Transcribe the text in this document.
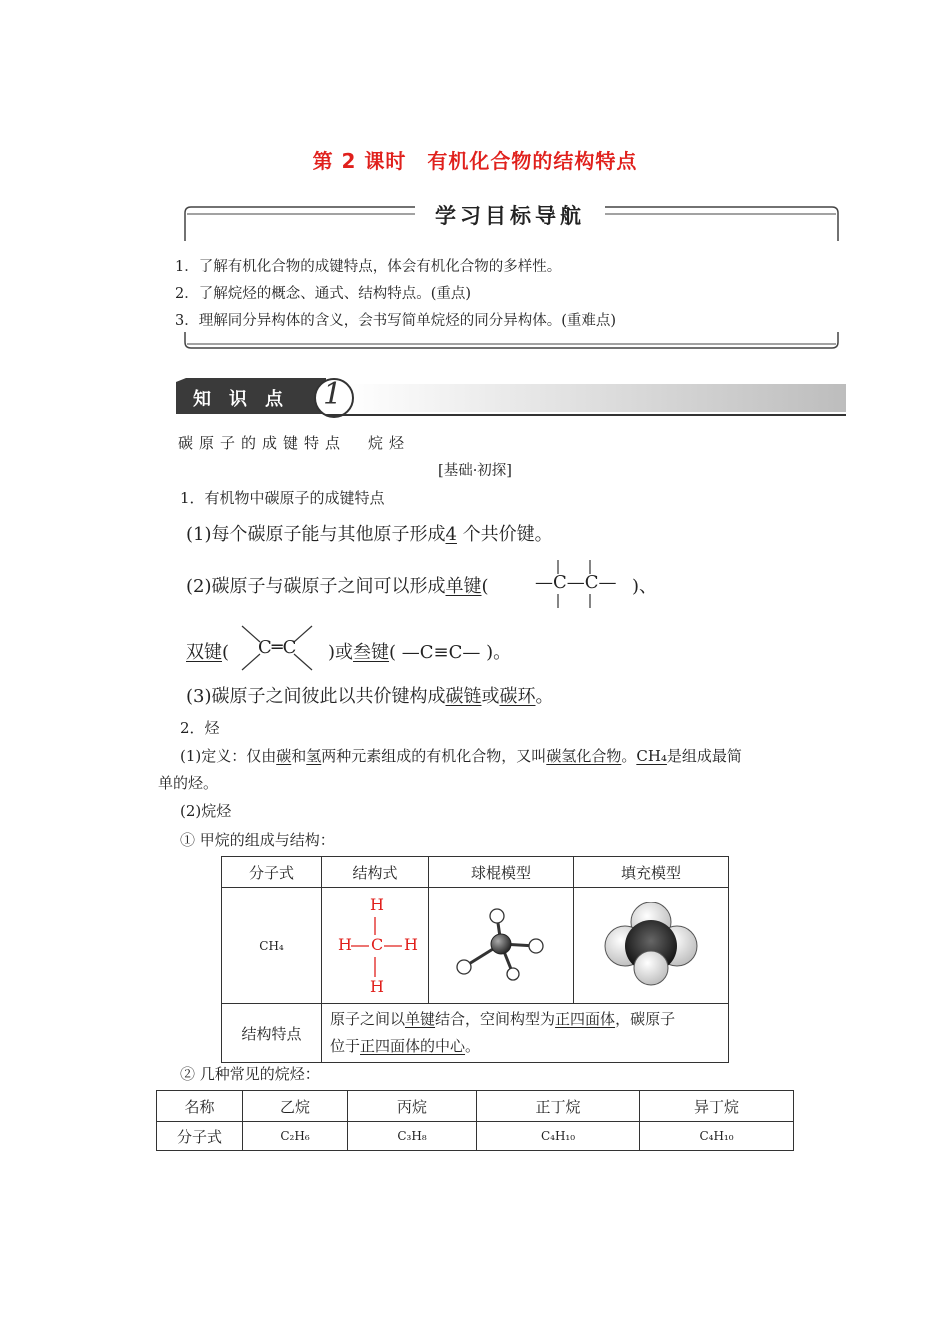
第 2 课时　有机化合物的结构特点
学习目标导航
1．了解有机化合物的成键特点，体会有机化合物的多样性。
2．了解烷烃的概念、通式、结构特点。(重点)
3．理解同分异构体的含义，会书写简单烷烃的同分异构体。(重难点)
知识点 1
碳原子的成键特点 烷烃
[基础·初探]
1．有机物中碳原子的成键特点
(1)每个碳原子能与其他原子形成4 个共价键。
(2)碳原子与碳原子之间可以形成单键(	—C—C— )、
双键( C═C )或叁键( —C≡C— )。
(3)碳原子之间彼此以共价键构成碳链或碳环。
2．烃
(1)定义：仅由碳和氢两种元素组成的有机化合物，又叫碳氢化合物。CH₄是组成最简
单的烃。
(2)烷烃
① 甲烷的组成与结构：
分子式	结构式	球棍模型	填充模型
CH₄	H
H C H
H

结构特点	原子之间以单键结合，空间构型为正四面体，碳原子
位于正四面体的中心。		
② 几种常见的烷烃：
名称	乙烷	丙烷	正丁烷	异丁烷
分子式	C₂H₆	C₃H₈	C₄H₁₀	C₄H₁₀
